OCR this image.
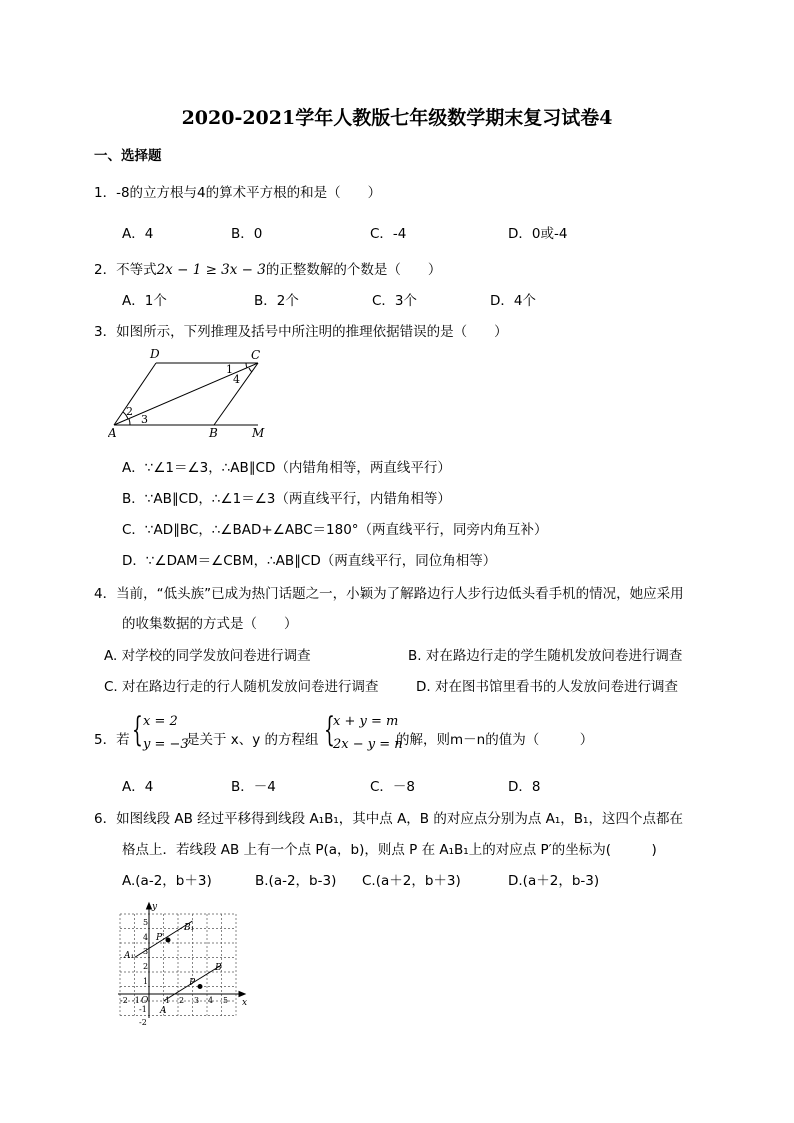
2020-2021学年人教版七年级数学期末复习试卷4
一、选择题
1．-8的立方根与4的算术平方根的和是（　　）
A．4	B．0	C．-4	D．0或-4
2．不等式2x − 1 ≥ 3x − 3的正整数解的个数是（　　）
A．1个	B．2个	C．3个	D．4个
3．如图所示，下列推理及括号中所注明的推理依据错误的是（　　）
D	C
A	B	M
1
2
3
4
A．∵∠1＝∠3，∴AB∥CD（内错角相等，两直线平行）
B．∵AB∥CD，∴∠1＝∠3（两直线平行，内错角相等）
C．∵AD∥BC，∴∠BAD+∠ABC＝180°（两直线平行，同旁内角互补）
D．∵∠DAM＝∠CBM，∴AB∥CD（两直线平行，同位角相等）
4．当前，“低头族”已成为热门话题之一，小颖为了解路边行人步行边低头看手机的情况，她应采用
的收集数据的方式是（　　）
A. 对学校的同学发放问卷进行调查	B. 对在路边行走的学生随机发放问卷进行调查
C. 对在路边行走的行人随机发放问卷进行调查	D. 对在图书馆里看书的人发放问卷进行调查
5．若 { x = 2
y = −3
是关于 x、y 的方程组 {
x + y = m
2x − y = n
的解，则m－n的值为（　　　）
A．4	B．－4	C．－8	D．8
6．如图线段 AB 经过平移得到线段 A₁B₁，其中点 A，B 的对应点分别为点 A₁，B₁，这四个点都在
格点上．若线段 AB 上有一个点 P(a，b)，则点 P 在 A₁B₁上的对应点 P′的坐标为(　　　)
A.(a-2，b＋3)	B.(a-2，b-3) C.(a＋2，b＋3)	D.(a＋2，b-3)
y
x
O
A₁
B₁
P′
P
A
B
-2 -1	1 2 3 4 5
-1
-2
1
2
3
4
5
